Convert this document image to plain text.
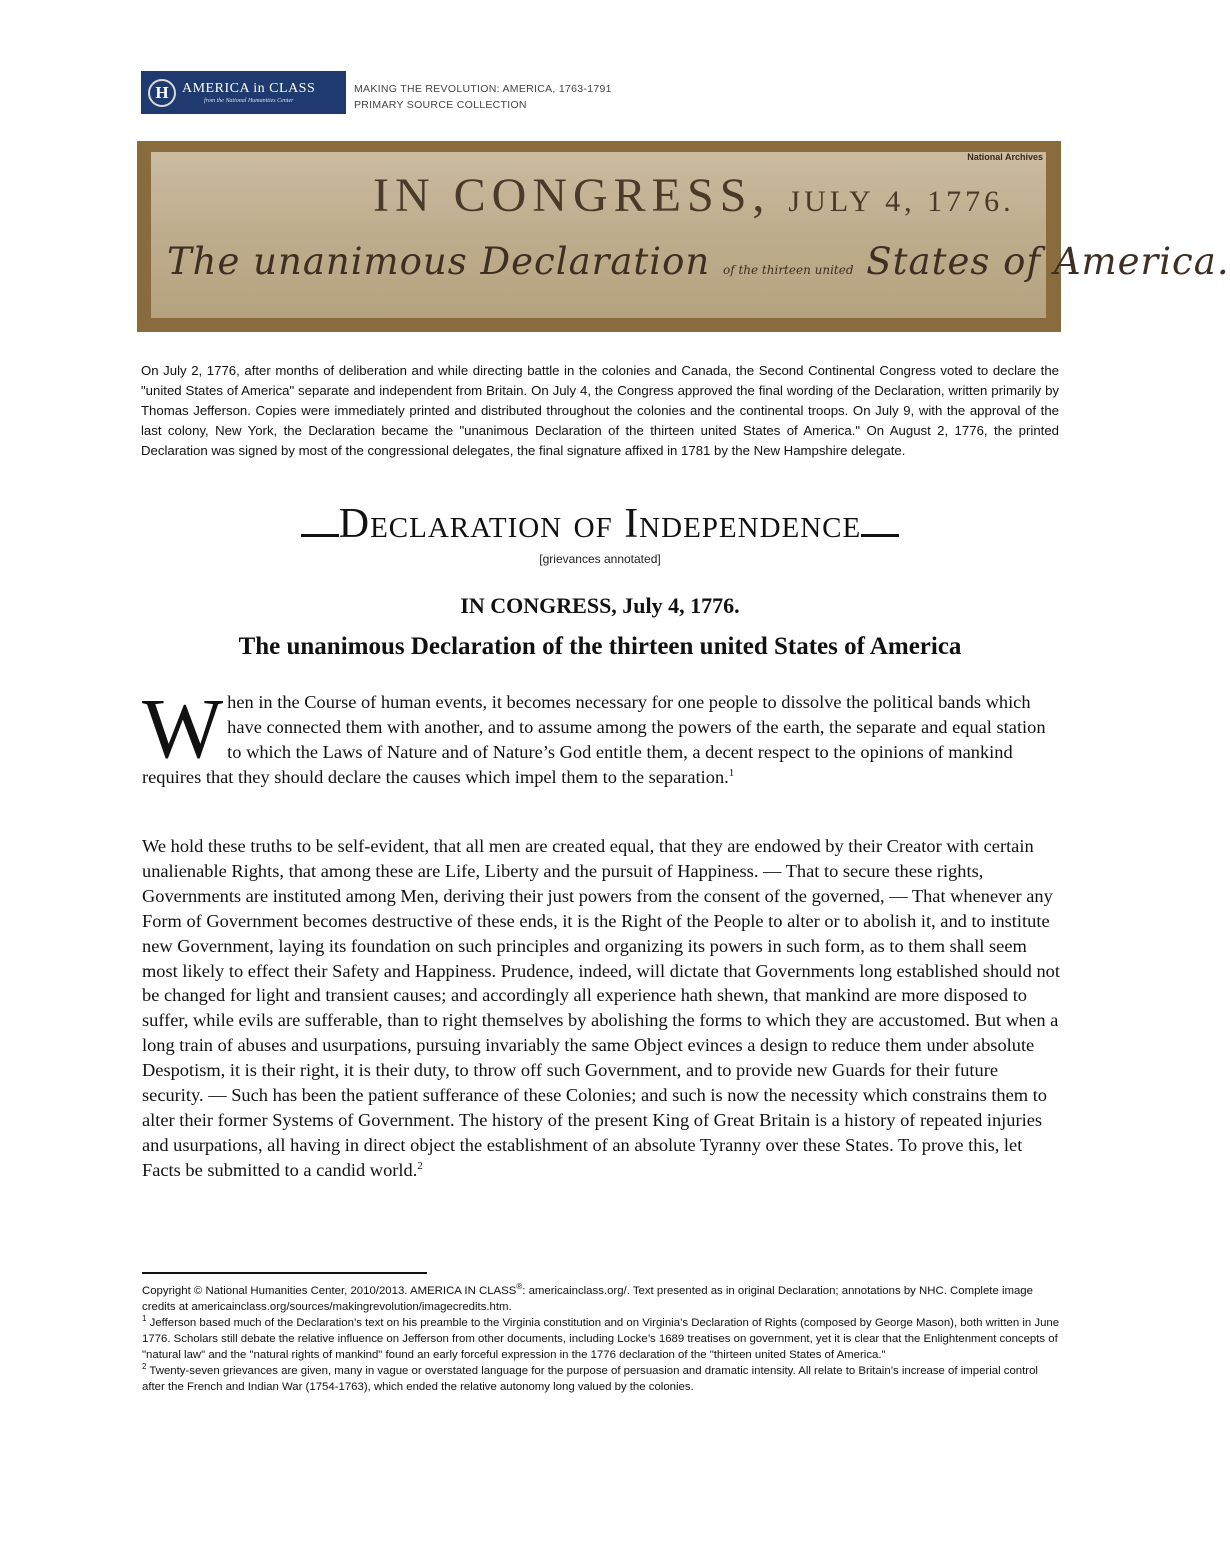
H AMERICA in CLASS
from the National Humanities Center
MAKING THE REVOLUTION: AMERICA, 1763-1791
PRIMARY SOURCE COLLECTION
IN CONGRESS, JULY 4, 1776.
The unanimous Declaration of the thirteen united States of America.
National Archives

On July 2, 1776, after months of deliberation and while directing battle in the colonies and Canada, the Second Continental Congress voted to declare the "united States of America" separate and independent from Britain. On July 4, the Congress approved the final wording of the Declaration, written primarily by Thomas Jefferson. Copies were immediately printed and distributed throughout the colonies and the continental troops. On July 9, with the approval of the last colony, New York, the Declaration became the "unanimous Declaration of the thirteen united States of America." On August 2, 1776, the printed Declaration was signed by most of the congressional delegates, the final signature affixed in 1781 by the New Hampshire delegate.

Declaration of Independence
[grievances annotated]
IN CONGRESS, July 4, 1776.
The unanimous Declaration of the thirteen united States of America

When in the Course of human events, it becomes necessary for one people to dissolve the political bands which have connected them with another, and to assume among the powers of the earth, the separate and equal station to which the Laws of Nature and of Nature’s God entitle them, a decent respect to the opinions of mankind requires that they should declare the causes which impel them to the separation.$^1$

We hold these truths to be self-evident, that all men are created equal, that they are endowed by their Creator with certain unalienable Rights, that among these are Life, Liberty and the pursuit of Happiness. — That to secure these rights, Governments are instituted among Men, deriving their just powers from the consent of the governed, — That whenever any Form of Government becomes destructive of these ends, it is the Right of the People to alter or to abolish it, and to institute new Government, laying its foundation on such principles and organizing its powers in such form, as to them shall seem most likely to effect their Safety and Happiness. Prudence, indeed, will dictate that Governments long established should not be changed for light and transient causes; and accordingly all experience hath shewn, that mankind are more disposed to suffer, while evils are sufferable, than to right themselves by abolishing the forms to which they are accustomed. But when a long train of abuses and usurpations, pursuing invariably the same Object evinces a design to reduce them under absolute Despotism, it is their right, it is their duty, to throw off such Government, and to provide new Guards for their future security. — Such has been the patient sufferance of these Colonies; and such is now the necessity which constrains them to alter their former Systems of Government. The history of the present King of Great Britain is a history of repeated injuries and usurpations, all having in direct object the establishment of an absolute Tyranny over these States. To prove this, let Facts be submitted to a candid world.$^2$

Copyright © National Humanities Center, 2010/2013. AMERICA IN CLASS®: americainclass.org/. Text presented as in original Declaration; annotations by NHC. Complete image credits at americainclass.org/sources/makingrevolution/imagecredits.htm.

$^1$ Jefferson based much of the Declaration’s text on his preamble to the Virginia constitution and on Virginia’s Declaration of Rights (composed by George Mason), both written in June 1776. Scholars still debate the relative influence on Jefferson from other documents, including Locke’s 1689 treatises on government, yet it is clear that the Enlightenment concepts of "natural law" and the "natural rights of mankind" found an early forceful expression in the 1776 declaration of the "thirteen united States of America."

$^2$ Twenty-seven grievances are given, many in vague or overstated language for the purpose of persuasion and dramatic intensity. All relate to Britain’s increase of imperial control after the French and Indian War (1754-1763), which ended the relative autonomy long valued by the colonies.
